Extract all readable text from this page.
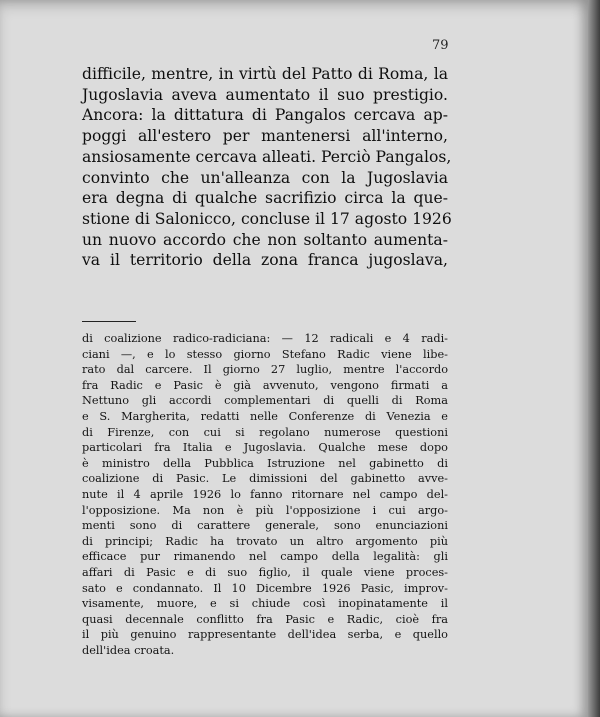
79
difficile, mentre, in virtù del Patto di Roma, la
Jugoslavia aveva aumentato il suo prestigio.
Ancora: la dittatura di Pangalos cercava ap-
poggi all'estero per mantenersi all'interno,
ansiosamente cercava alleati. Perciò Pangalos,
convinto che un'alleanza con la Jugoslavia
era degna di qualche sacrifizio circa la que-
stione di Salonicco, concluse il 17 agosto 1926
un nuovo accordo che non soltanto aumenta-
va il territorio della zona franca jugoslava,
di coalizione radico-radiciana: — 12 radicali e 4 radi-
ciani —, e lo stesso giorno Stefano Radic viene libe-
rato dal carcere. Il giorno 27 luglio, mentre l'accordo
fra Radic e Pasic è già avvenuto, vengono firmati a
Nettuno gli accordi complementari di quelli di Roma
e S. Margherita, redatti nelle Conferenze di Venezia e
di Firenze, con cui si regolano numerose questioni
particolari fra Italia e Jugoslavia. Qualche mese dopo
è ministro della Pubblica Istruzione nel gabinetto di
coalizione di Pasic. Le dimissioni del gabinetto avve-
nute il 4 aprile 1926 lo fanno ritornare nel campo del-
l'opposizione. Ma non è più l'opposizione i cui argo-
menti sono di carattere generale, sono enunciazioni
di principi; Radic ha trovato un altro argomento più
efficace pur rimanendo nel campo della legalità: gli
affari di Pasic e di suo figlio, il quale viene proces-
sato e condannato. Il 10 Dicembre 1926 Pasic, improv-
visamente, muore, e si chiude così inopinatamente il
quasi decennale conflitto fra Pasic e Radic, cioè fra
il più genuino rappresentante dell'idea serba, e quello
dell'idea croata.
